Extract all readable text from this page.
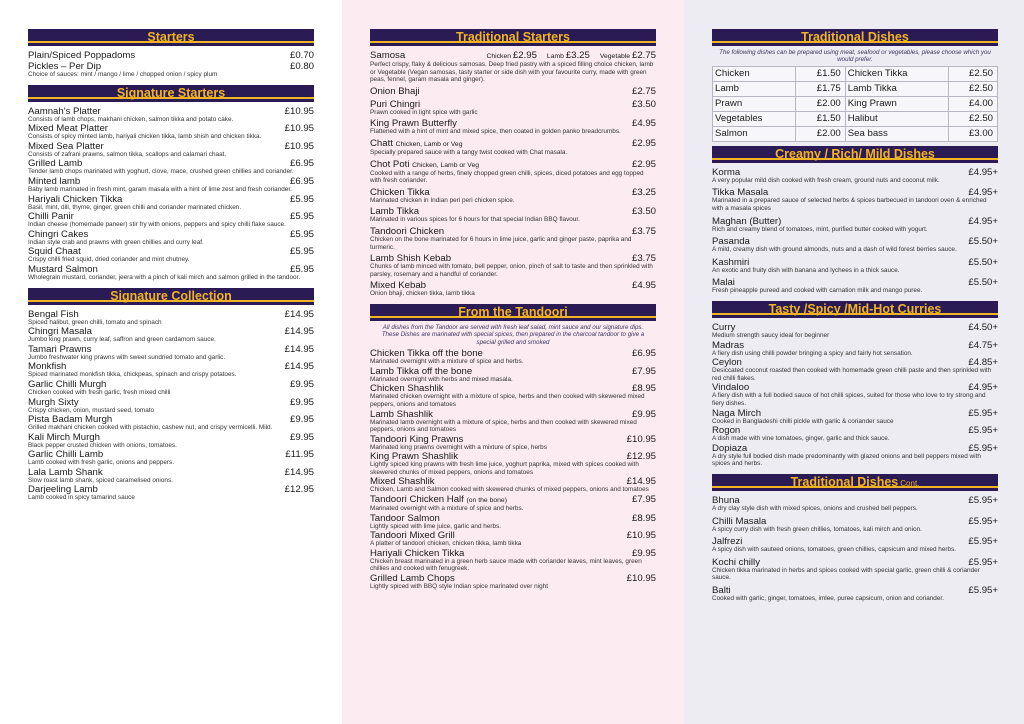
Starters
Plain/Spiced Poppadoms	£0.70
Pickles – Per Dip	£0.80
Choice of sauces: mint / mango / lime / chopped onion / spicy plum
Signature Starters
Aamnah's Platter	£10.95
Consists of lamb chops, makhani chicken, salmon tikka and potato cake.
Mixed Meat Platter	£10.95
Consists of spicy minted lamb, hariyali chicken tikka, lamb shish and chicken tikka.
Mixed Sea Platter	£10.95
Consists of zafrani prawns, salmon tikka, scallops and calamari chaat.
Grilled Lamb	£6.95
Tender lamb chops marinated with yoghurt, clove, mace, crushed green chillies and coriander.
Minted lamb	£6.95
Baby lamb marinated in fresh mint, garam masala with a hint of lime zest and fresh coriander.
Hariyali Chicken Tikka	£5.95
Basil, mint, dill, thyme, ginger, green chilli and coriander marinated chicken.
Chilli Panir	£5.95
Indian cheese (homemade paneer) stir fry with onions, peppers and spicy chilli flake sauce.
Chingri Cakes	£5.95
Indian style crab and prawns with green chillies and curry leaf.
Squid Chaat	£5.95
Crispy chilli fried squid, dried coriander and mint chutney.
Mustard Salmon	£5.95
Wholegrain mustard, coriander, jeera with a pinch of kali mirch and salmon grilled in the tandoor.
Signature Collection
Bengal Fish	£14.95
Spiced halibut, green chilli, tomato and spinach
Chingri Masala	£14.95
Jumbo king prawn, curry leaf, saffron and green cardamom sauce.
Tamari Prawns	£14.95
Jumbo freshwater king prawns with sweet sundried tomato and garlic.
Monkfish	£14.95
Spiced marinated monkfish tikka, chickpeas, spinach and crispy potatoes.
Garlic Chilli Murgh	£9.95
Chicken cooked with fresh garlic, fresh mixed chilli
Murgh Sixty	£9.95
Crispy chicken, onion, mustard seed, tomato
Pista Badam Murgh	£9.95
Grilled makhani chicken cooked with pistachio, cashew nut, and crispy vermicelli. Mild.
Kali Mirch Murgh	£9.95
Black pepper crusted chicken with onions, tomatoes.
Garlic Chilli Lamb	£11.95
Lamb cooked with fresh garlic, onions and peppers.
Lala Lamb Shank	£14.95
Slow roast lamb shank, spiced caramelised onions.
Darjeeling Lamb	£12.95
Lamb cooked in spicy tamarind sauce
Traditional Starters
Samosa	Chicken £2.95 Lamb £3.25 Vegetable £2.75
Perfect crispy, flaky & delicious samosas. Deep fried pastry with a spiced filling choice chicken, lamb or Vegetable (Vegan samosas, tasty starter or side dish with your favourite curry, made with green peas, fennel, garam masala and ginger).
Onion Bhaji	£2.75
Puri Chingri	£3.50
Prawn cooked in light spice with garlic
King Prawn Butterfly	£4.95
Flattened with a hint of mint and mixed spice, then coated in golden panko breadcrumbs.
Chatt Chicken, Lamb or Veg	£2.95
Specially prepared sauce with a tangy twist cooked with Chat masala.
Chot Poti Chicken, Lamb or Veg	£2.95
Cooked with a range of herbs, finely chopped green chilli, spices, diced potatoes and egg topped with fresh coriander.
Chicken Tikka	£3.25
Marinated chicken in Indian peri peri chicken spice.
Lamb Tikka	£3.50
Marinated in various spices for 6 hours for that special Indian BBQ flavour.
Tandoori Chicken	£3.75
Chicken on the bone marinated for 6 hours in lime juice, garlic and ginger paste, paprika and turmeric.
Lamb Shish Kebab	£3.75
Chunks of lamb minced with tomato, bell pepper, onion, pinch of salt to taste and then sprinkled with parsley, rosemary and a handful of coriander.
Mixed Kebab	£4.95
Onion bhaji, chicken tikka, lamb tikka
From the Tandoori
All dishes from the Tandoor are served with fresh leaf salad, mint sauce and our signature dips. These Dishes are marinated with special spices, then prepared in the charcoal tandoor to give a special grilled and smoked
Chicken Tikka off the bone	£6.95
Marinated overnight with a mixture of spice and herbs.
Lamb Tikka off the bone	£7.95
Marinated overnight with herbs and mixed masala.
Chicken Shashlik	£8.95
Marinated chicken overnight with a mixture of spice, herbs and then cooked with skewered mixed peppers, onions and tomatoes
Lamb Shashlik	£9.95
Marinated lamb overnight with a mixture of spice, herbs and then cooked with skewered mixed peppers, onions and tomatoes
Tandoori King Prawns	£10.95
Marinated king prawns overnight with a mixture of spice, herbs
King Prawn Shashlik	£12.95
Lightly spiced king prawns with fresh lime juice, yoghurt paprika, mixed with spices cooked with skewered chunks of mixed peppers, onions and tomatoes
Mixed Shashlik	£14.95
Chicken, Lamb and Salmon cooked with skewered chunks of mixed peppers, onions and tomatoes
Tandoori Chicken Half (on the bone)	£7.95
Marinated overnight with a mixture of spice and herbs.
Tandoor Salmon	£8.95
Lightly spiced with lime juice, garlic and herbs.
Tandoori Mixed Grill	£10.95
A platter of tandoori chicken, chicken tikka, lamb tikka
Hariyali Chicken Tikka	£9.95
Chicken breast marinated in a green herb sauce made with coriander leaves, mint leaves, green chillies and cooked with fenugreek.
Grilled Lamb Chops	£10.95
Lightly spiced with BBQ style Indian spice marinated over night
Traditional Dishes
The following dishes can be prepared using meat, seafood or vegetables, please choose which you would prefer.
Chicken	£1.50	Chicken Tikka	£2.50
Lamb	£1.75	Lamb Tikka	£2.50
Prawn	£2.00	King Prawn	£4.00
Vegetables	£1.50	Halibut	£2.50
Salmon	£2.00	Sea bass	£3.00
Creamy / Rich/ Mild Dishes
Korma	£4.95+
A very popular mild dish cooked with fresh cream, ground nuts and coconut milk.
Tikka Masala	£4.95+
Marinated in a prepared sauce of selected herbs & spices barbecued in tandoori oven & enriched with a masala spices
Maghan (Butter)	£4.95+
Rich and creamy blend of tomatoes, mint, purified butter cooked with yogurt.
Pasanda	£5.50+
A mild, creamy dish with ground almonds, nuts and a dash of wild forest berries sauce.
Kashmiri	£5.50+
An exotic and fruity dish with banana and lychees in a thick sauce.
Malai	£5.50+
Fresh pineapple pureed and cooked with carnation milk and mango puree.
Tasty /Spicy /Mid-Hot Curries
Curry	£4.50+
Medium strength saucy ideal for beginner
Madras	£4.75+
A fiery dish using chilli powder bringing a spicy and fairly hot sensation.
Ceylon	£4.85+
Desiccated coconut roasted then cooked with homemade green chilli paste and then sprinkled with red chilli flakes.
Vindaloo	£4.95+
A fiery dish with a full bodied sauce of hot chilli spices, suited for those who love to try strong and fiery dishes.
Naga Mirch	£5.95+
Cooked in Bangladeshi chilli pickle with garlic & coriander sauce
Rogon	£5.95+
A dish made with vine tomatoes, ginger, garlic and thick sauce.
Dopiaza	£5.95+
A dry style full bodied dish made predominantly with glazed onions and bell peppers mixed with spices and herbs.
Traditional Dishes Cont.
Bhuna	£5.95+
A dry clay style dish with mixed spices, onions and crushed bell peppers.
Chilli Masala	£5.95+
A spicy curry dish with fresh green chillies, tomatoes, kali mirch and onion.
Jalfrezi	£5.95+
A spicy dish with sauteed onions, tomatoes, green chillies, capsicum and mixed herbs.
Kochi chilly	£5.95+
Chicken tikka marinated in herbs and spices cooked with special garlic, green chilli & coriander sauce.
Balti	£5.95+
Cooked with garlic, ginger, tomatoes, imlee, puree capsicum, onion and coriander.
